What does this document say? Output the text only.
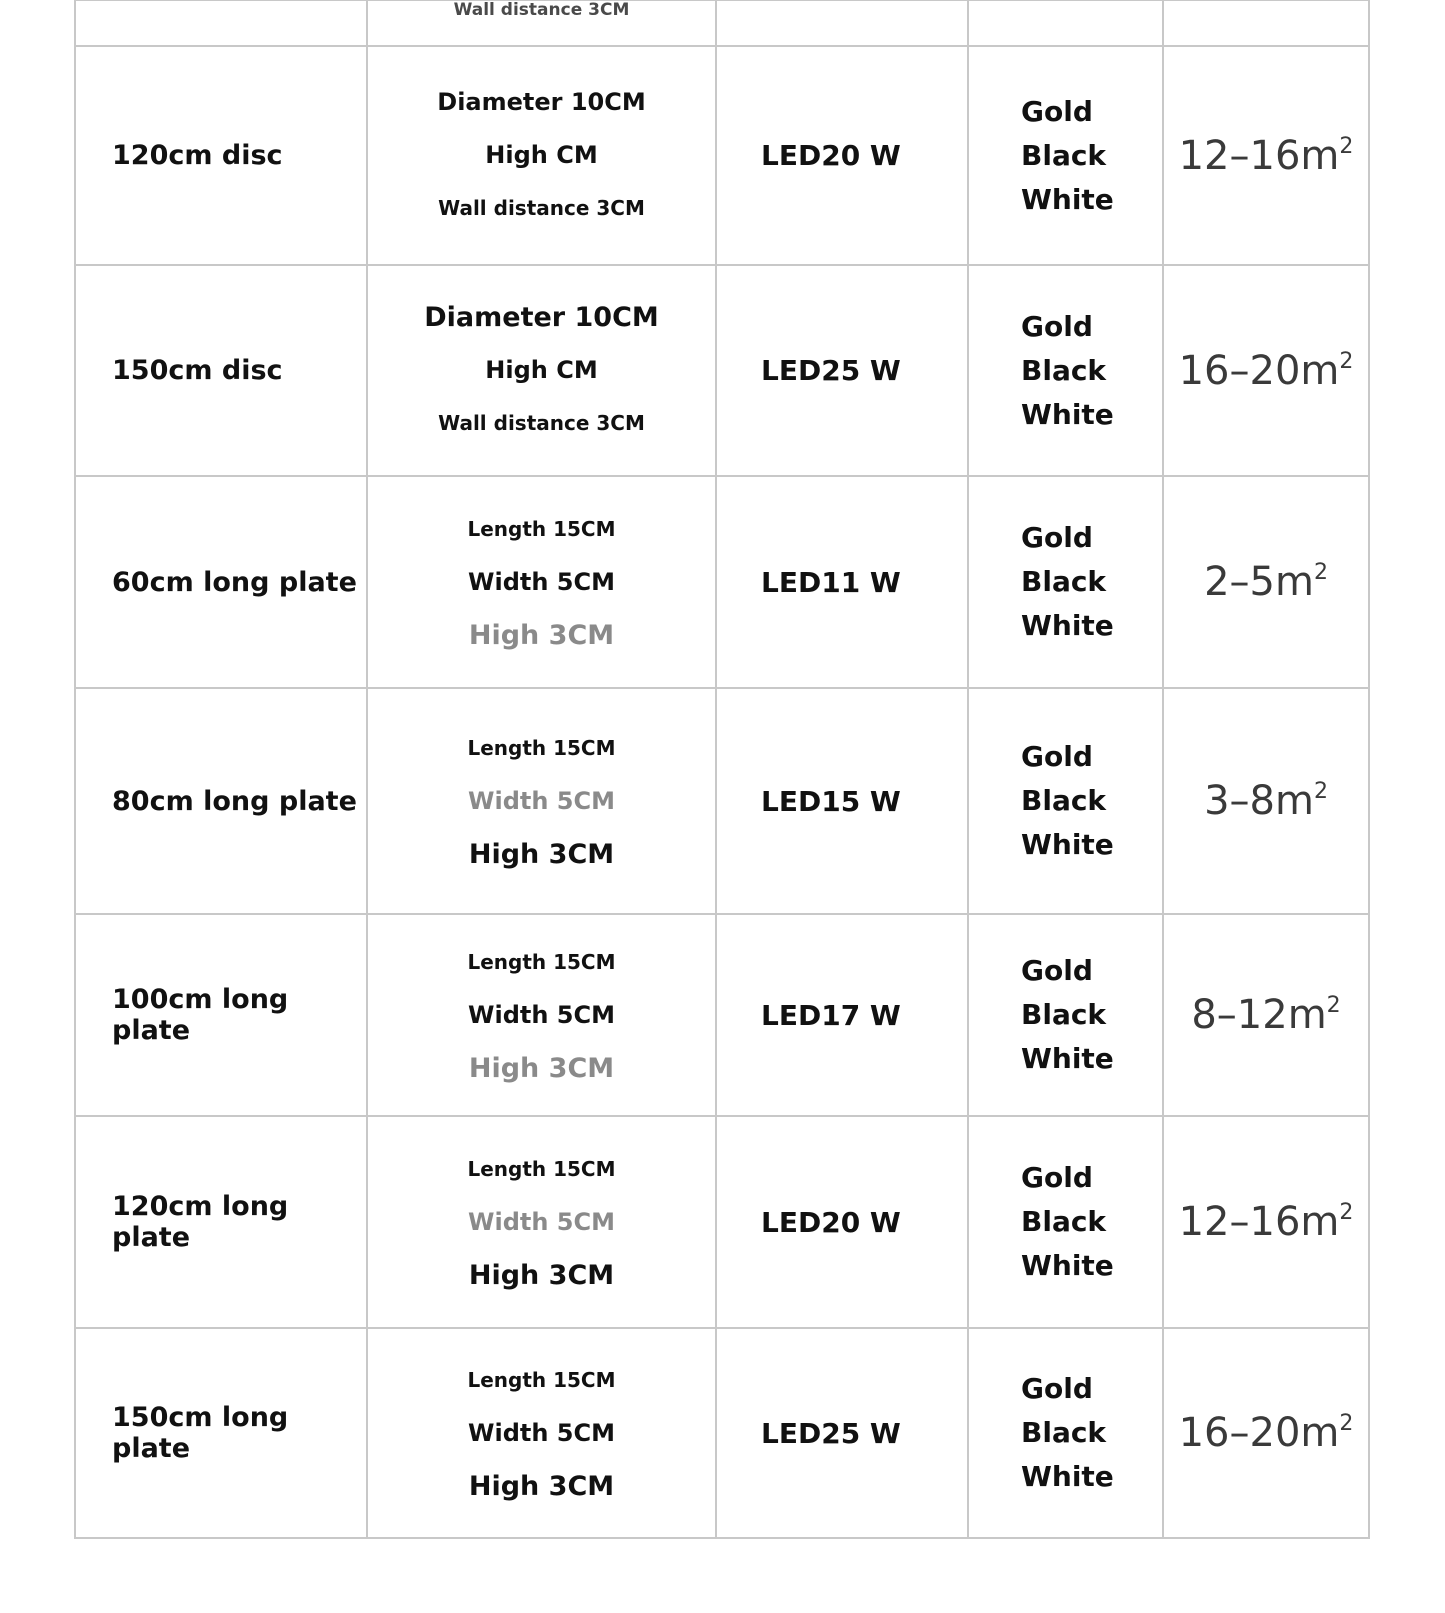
	Wall distance 3CM			
120cm disc	Diameter 10CM
High CM
Wall distance 3CM	LED20 W	Gold
Black
White	$12-16m^2$
150cm disc	Diameter 10CM
High CM
Wall distance 3CM	LED25 W	Gold
Black
White	$16-20m^2$
60cm long plate	Length 15CM
Width 5CM
High 3CM	LED11 W	Gold
Black
White	$2-5m^2$
80cm long plate	Length 15CM
Width 5CM
High 3CM	LED15 W	Gold
Black
White	$3-8m^2$
100cm long plate	Length 15CM
Width 5CM
High 3CM	LED17 W	Gold
Black
White	$8-12m^2$
120cm long plate	Length 15CM
Width 5CM
High 3CM	LED20 W	Gold
Black
White	$12-16m^2$
150cm long plate	Length 15CM
Width 5CM
High 3CM	LED25 W	Gold
Black
White	$16-20m^2$
